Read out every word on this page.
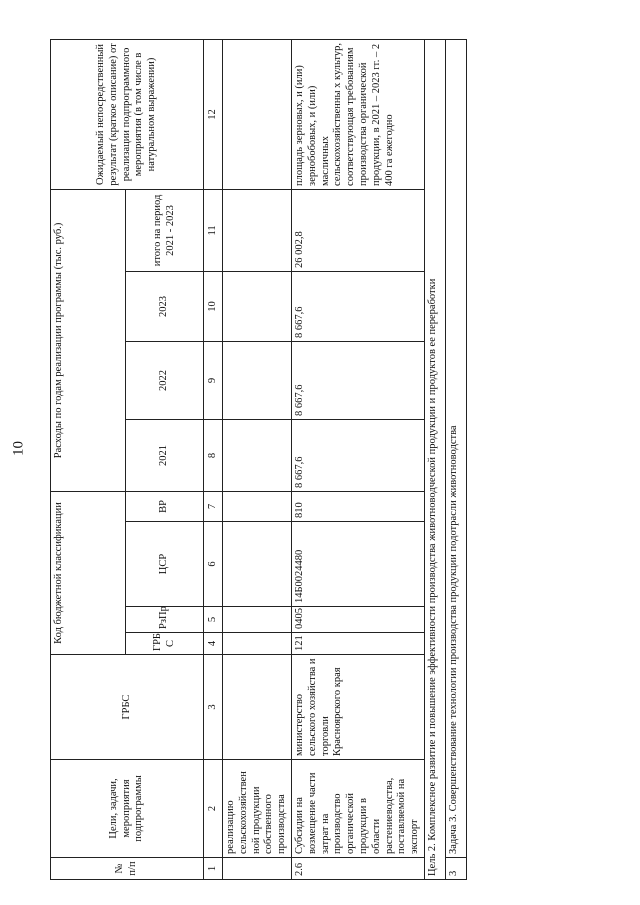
10
№ п/п	Цели, задачи, мероприятия подпрограммы	ГРБС	Код бюджетной классификации				Расходы по годам реализации программы (тыс. руб.)				Ожидаемый непосредственный результат (краткое описание) от реализации подпрограммного мероприятия (в том числе в натуральном выражении)
			ГРБ С	РзПр	ЦСР	ВР	2021	2022	2023	итого на период 2021 - 2023	
1	2	3	4	5	6	7	8	9	10	11	12
	реализацию сельскохозяйствен ной продукции собственного производства										
2.6	Субсидии на возмещение части затрат на производство органической продукции в области растениеводства, поставляемой на экспорт	министерство сельского хозяйства и торговли Красноярского края	121	0405	14Б0024480	810	8 667,6	8 667,6	8 667,6	26 002,8	площадь зерновых, и (или) зернобобовых, и (или) масличных сельскохозяйственны х культур, соответствующая требованиям производства органической продукции, в 2021 – 2023 гг. – 2 400 га ежегодно
Цель 2. Комплексное развитие и повышение эффективности производства животноводческой продукции и продуктов ее переработки											
3	Задача 3. Совершенствование технологии производства продукции подотрасли животноводства										
